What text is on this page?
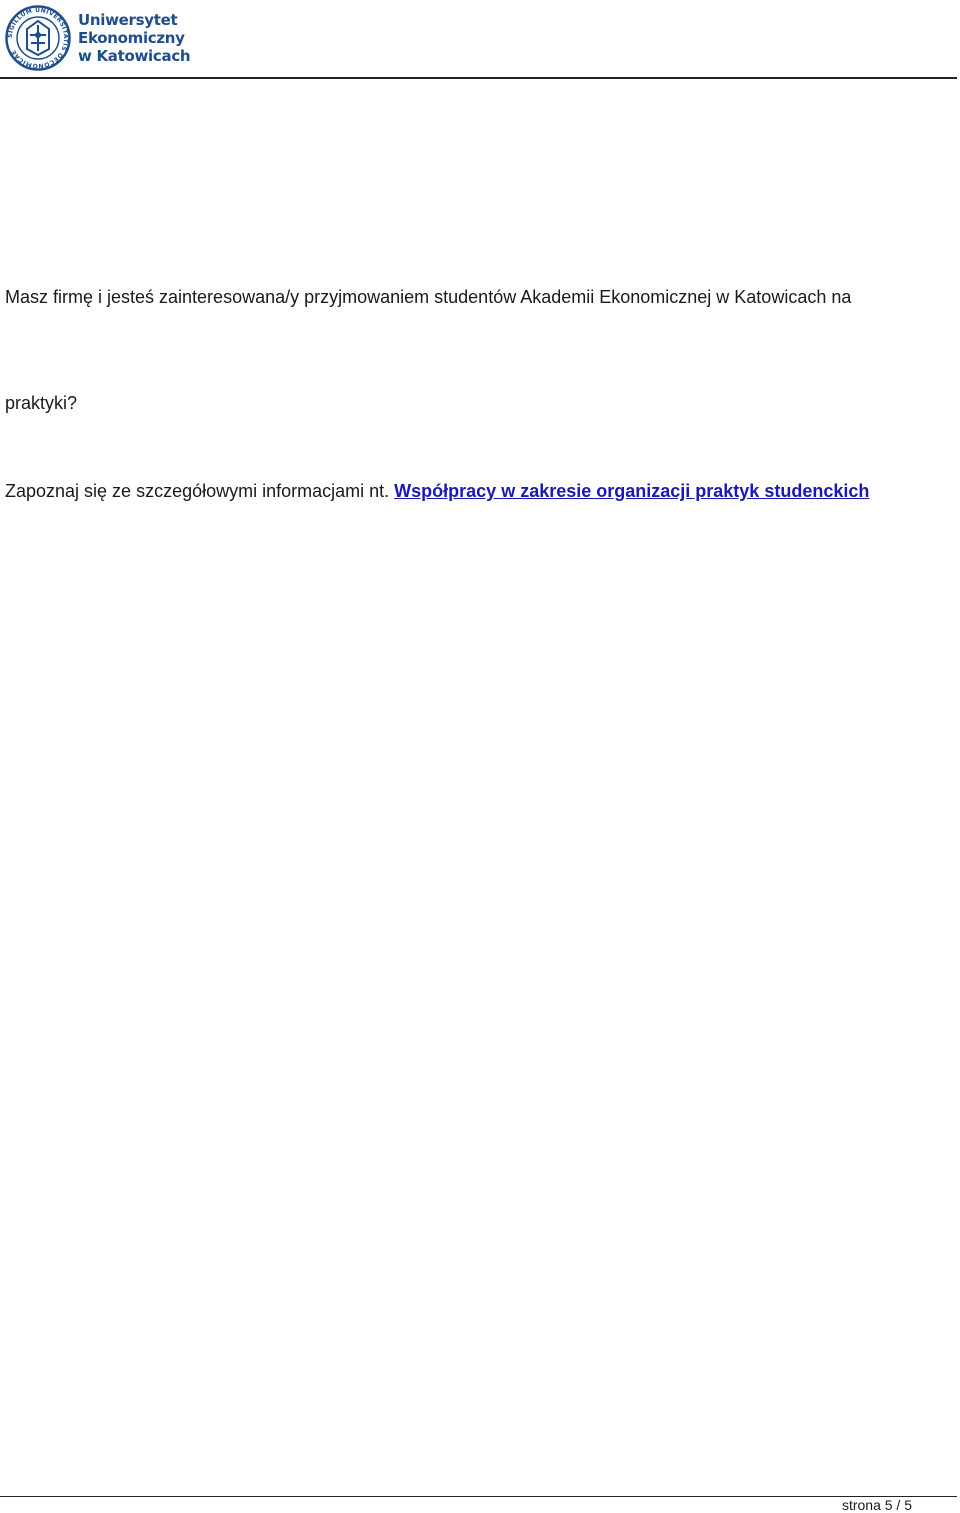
SIGILLUM UNIVERSITATIS OECONOMICAE
Uniwersytet
Ekonomiczny
w Katowicach
Masz firmę i jesteś zainteresowana/y przyjmowaniem studentów Akademii Ekonomicznej w Katowicach na
praktyki?
Zapoznaj się ze szczegółowymi informacjami nt. Współpracy w zakresie organizacji praktyk studenckich
strona 5 / 5
